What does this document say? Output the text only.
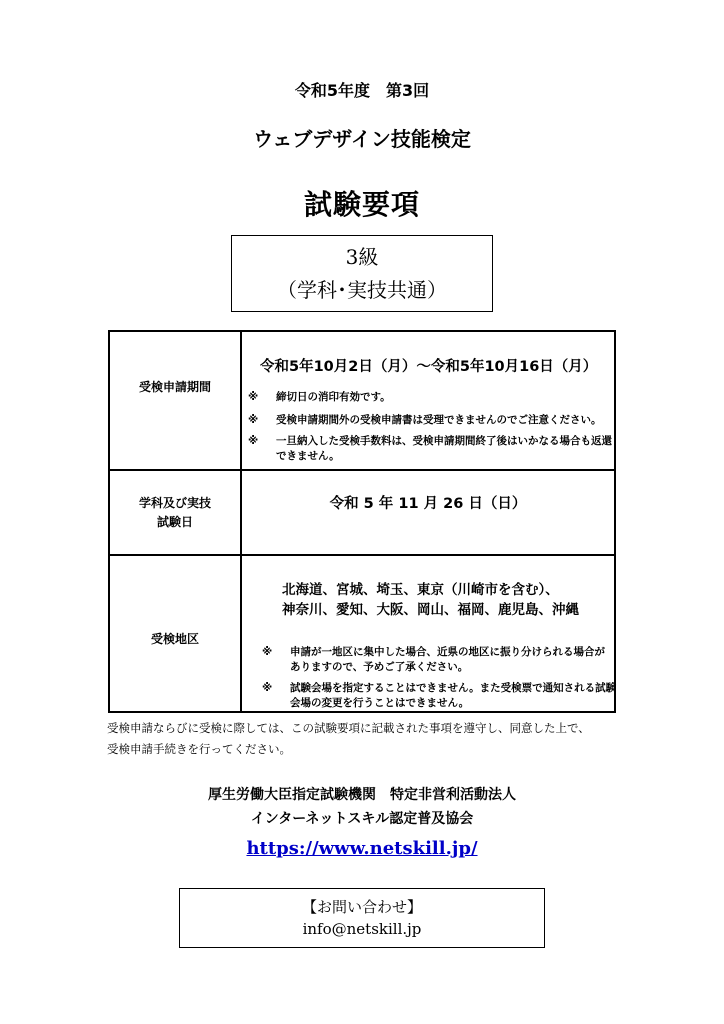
令和5年度　第3回
ウェブデザイン技能検定
試験要項
3級
（学科･実技共通）
受検申請期間
令和5年10月2日（月）～令和5年10月16日（月）
※ 締切日の消印有効です。
※ 受検申請期間外の受検申請書は受理できませんのでご注意ください。
※ 一旦納入した受検手数料は、受検申請期間終了後はいかなる場合も返還
できません。
学科及び実技
試験日
令和 5 年 11 月 26 日（日）
受検地区
北海道、宮城、埼玉、東京（川崎市を含む）、
神奈川、愛知、大阪、岡山、福岡、鹿児島、沖縄
※ 申請が一地区に集中した場合、近県の地区に振り分けられる場合が
ありますので、予めご了承ください。
※ 試験会場を指定することはできません。また受検票で通知される試験
会場の変更を行うことはできません。
受検申請ならびに受検に際しては、この試験要項に記載された事項を遵守し、同意した上で、
受検申請手続きを行ってください。
厚生労働大臣指定試験機関　特定非営利活動法人
インターネットスキル認定普及協会
https://www.netskill.jp/
【お問い合わせ】
info@netskill.jp
